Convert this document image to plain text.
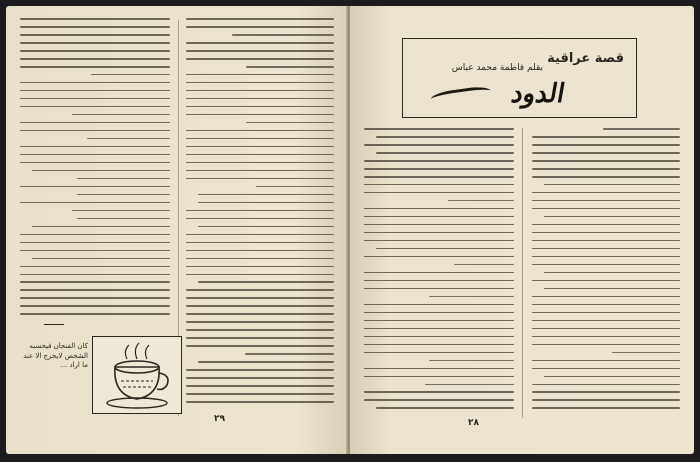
كان الفنجان فيحسبه الشخص لايخرج الا عند ما اراد ...
٢٩
قصة عراقية
بقلم فاطمة محمد عباس
الدود
٢٨
